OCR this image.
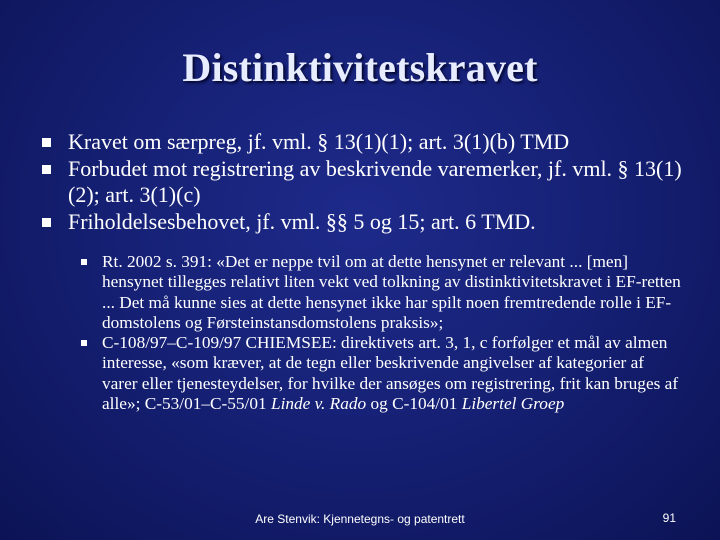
Distinktivitetskravet
Kravet om særpreg, jf. vml. § 13(1)(1); art. 3(1)(b) TMD
Forbudet mot registrering av beskrivende varemerker, jf. vml. § 13(1)(2); art. 3(1)(c)
Friholdelsesbehovet, jf. vml. §§ 5 og 15; art. 6 TMD.
Rt. 2002 s. 391: «Det er neppe tvil om at dette hensynet er relevant ... [men] hensynet tillegges relativt liten vekt ved tolkning av distinktivitetskravet i EF-retten ... Det må kunne sies at dette hensynet ikke har spilt noen fremtredende rolle i EF-domstolens og Førsteinstansdomstolens praksis»;
C-108/97–C-109/97 CHIEMSEE: direktivets art. 3, 1, c forfølger et mål av almen interesse, «som kræver, at de tegn eller beskrivende angivelser af kategorier af varer eller tjenesteydelser, for hvilke der ansøges om registrering, frit kan bruges af alle»; C‑53/01–C-55/01 Linde v. Rado og C‑104/01 Libertel Groep
Are Stenvik: Kjennetegns- og patentrett	91
